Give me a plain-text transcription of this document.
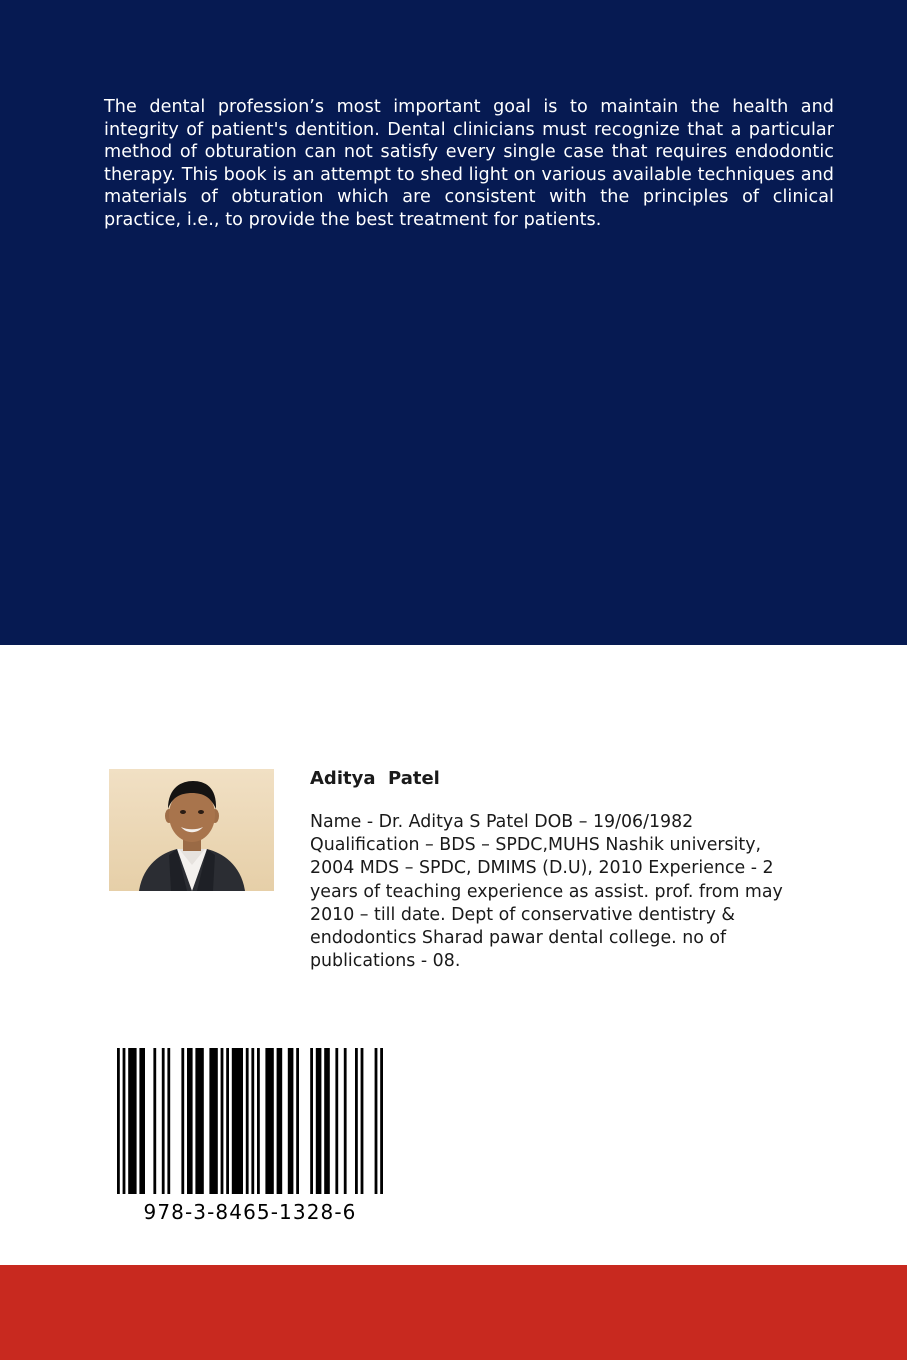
The dental profession’s most important goal is to maintain the health and integrity of patient's dentition. Dental clinicians must recognize that a particular method of obturation can not satisfy every single case that requires endodontic therapy. This book is an attempt to shed light on various available techniques and materials of obturation which are consistent with the principles of clinical practice, i.e., to provide the best treatment for patients.

Aditya  Patel

Name - Dr. Aditya S Patel DOB – 19/06/1982
Qualification – BDS – SPDC,MUHS Nashik university,
2004 MDS – SPDC, DMIMS (D.U), 2010 Experience - 2
years of teaching experience as assist. prof. from may
2010 – till date. Dept of conservative dentistry &
endodontics Sharad pawar dental college. no of
publications - 08.

978-3-8465-1328-6
